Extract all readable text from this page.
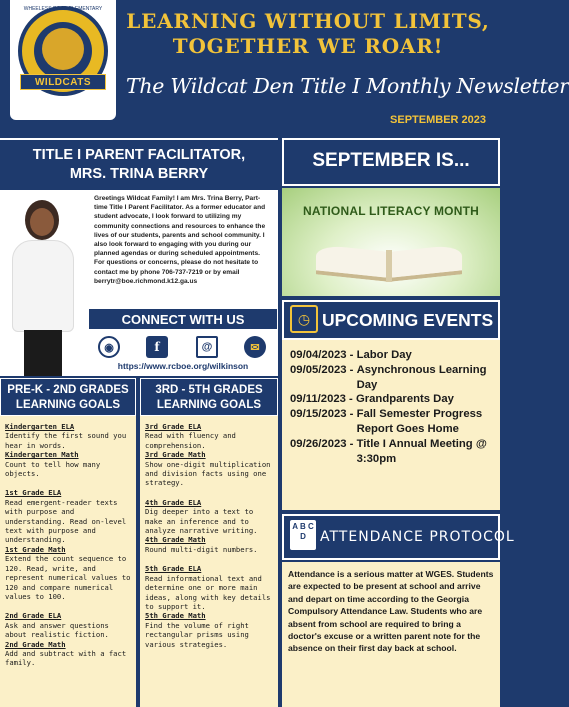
WHEELESS ROAD ELEMENTARY
WILDCATS
LEARNING WITHOUT LIMITS,
TOGETHER WE ROAR!
The Wildcat Den Title I Monthly Newsletter
SEPTEMBER 2023
TITLE I PARENT FACILITATOR,
MRS. TRINA BERRY
Greetings Wildcat Family! I am Mrs. Trina Berry, Part-time Title I Parent Facilitator. As a former educator and student advocate, I look forward to utilizing my community connections and resources to enhance the lives of our students, parents and school community. I also look forward to engaging with you during our planned agendas or during scheduled appointments. For questions or concerns, please do not hesitate to contact me by phone 706-737-7219 or by email berrytr@boe.richmond.k12.ga.us
CONNECT WITH US
◉	f	@	✉
https://www.rcboe.org/wilkinson
SEPTEMBER IS...
NATIONAL LITERACY MONTH
◷ UPCOMING EVENTS
09/04/2023 - Labor Day
09/05/2023 - Asynchronous Learning Day
09/11/2023 - Grandparents Day
09/15/2023 - Fall Semester Progress Report Goes Home
09/26/2023 - Title I Annual Meeting @ 3:30pm
A B C D	ATTENDANCE PROTOCOL
Attendance is a serious matter at WGES. Students are expected to be present at school and arrive and depart on time according to the Georgia Compulsory Attendance Law. Students who are absent from school are required to bring a doctor's excuse or a written parent note for the absence on their first day back at school.
PRE-K - 2ND GRADES
LEARNING GOALS
3RD - 5TH GRADES
LEARNING GOALS
Kindergarten ELA
Identify the first sound you hear in words.
Kindergarten Math
Count to tell how many objects.
1st Grade ELA
Read emergent-reader texts with purpose and understanding. Read on-level text with purpose and understanding.
1st Grade Math
Extend the count sequence to 120. Read, write, and represent numerical values to 120 and compare numerical values to 100.
2nd Grade ELA
Ask and answer questions about realistic fiction.
2nd Grade Math
Add and subtract with a fact family.
3rd Grade ELA
Read with fluency and comprehension.
3rd Grade Math
Show one-digit multiplication and division facts using one strategy.
4th Grade ELA
Dig deeper into a text to make an inference and to analyze narrative writing.
4th Grade Math
Round multi-digit numbers.
5th Grade ELA
Read informational text and determine one or more main ideas, along with key details to support it.
5th Grade Math
Find the volume of right rectangular prisms using various strategies.
